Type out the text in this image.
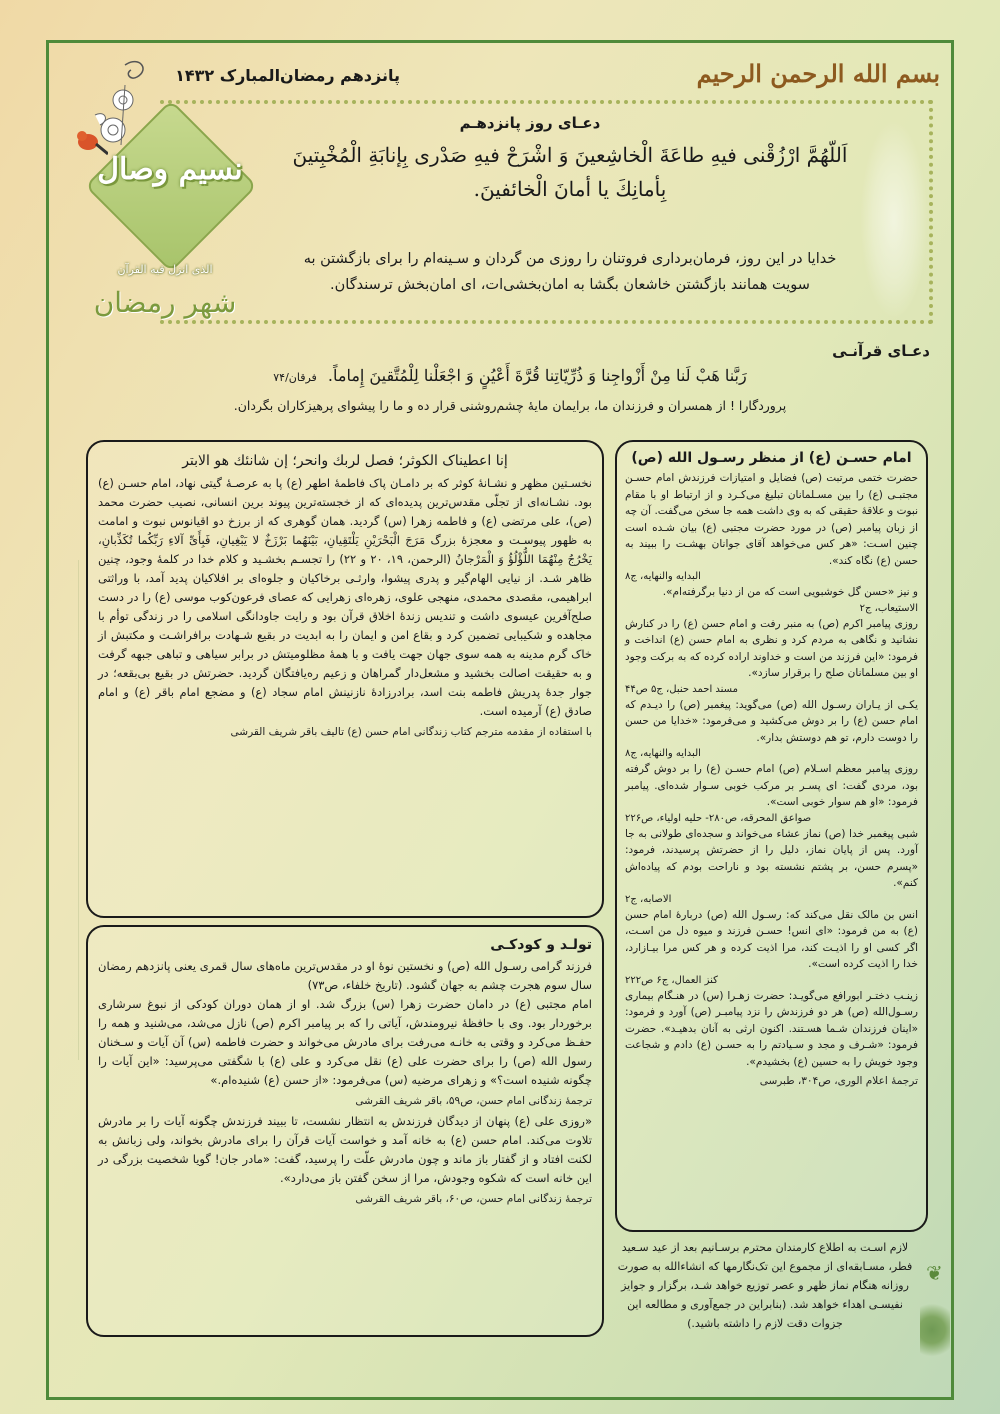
پانزدهم رمضان‌المبارک ۱۴۳۲
نسیم وصال
الذی انزل فیه القرآن
شهر رمضان
بسم الله الرحمن الرحیم
دعـای روز پانزدهـم
اَللّهُمَّ ارْزُقْنی فیهِ طاعَةَ الْخاشِعینَ وَ اشْرَحْ فیهِ صَدْری بِإنابَةِ الْمُخْبِتینَ بِأمانِكَ یا أمانَ الْخائفینَ.
خدایا در این روز، فرمان‌برداری فروتنان را روزی من گردان و سـینه‌ام را برای بازگشتن به سویت همانند بازگشتن خاشعان بگشا به امان‌بخشی‌ات، ای امان‌بخش ترسندگان.
دعـای قرآنـی
رَبَّنا هَبْ لَنا مِنْ أَزْواجِنا وَ ذُرِّیّاتِنا قُرَّةَ أَعْیُنٍ وَ اجْعَلْنا لِلْمُتَّقینَ إِماماً. فرقان/۷۴
پروردگارا ! از همسران و فرزندان ما، برایمان مایهٔ چشم‌روشنی قرار ده و ما را پیشوای پرهیزکاران بگردان.
إنا اعطیناک الکوثر؛ فصل لربك وانحر؛ إن شانئك هو الابتر

نخسـتین مظهر و نشـانهٔ کوثر که بر دامـان پاک فاطمهٔ اطهر (ع) پا به عرصـهٔ گیتی نهاد، امام حسـن (ع) بود. نشـانه‌ای از تجلّی مقدس‌ترین پدیده‌ای که از خجسته‌ترین پیوند برین انسانی، نصیب حضرت محمد (ص)، علی مرتضی (ع) و فاطمه زهرا (س) گردید. همان گوهری که از برزخ دو اقیانوس نبوت و امامت به ظهور پیوسـت و معجزهٔ بزرگ مَرَجَ الْبَحْرَیْنِ یَلْتَقِیانِ، بَیْنَهُما بَرْزَخٌ لا یَبْغِیانِ، فَبِأَیِّ آلاءِ رَبِّکُما تُکَذِّبانِ، یَخْرُجُ مِنْهُمَا اللُّؤْلُؤُ وَ الْمَرْجانُ (الرحمن، ۱۹، ۲۰ و ۲۲) را تجسـم بخشـید و کلام خدا در کلمهٔ وجود، چنین ظاهر شـد. از نیایی الهام‌گیر و پدری پیشوا، وارثـی برخاکیان و جلوه‌ای بر افلاکیان پدید آمد، با وراثتی ابراهیمی، مقصدی محمدی، منهجی علوی، زهره‌ای زهرایی که عصای فرعون‌کوب موسی (ع) را در دست صلح‌آفرین عیسوی داشت و تندیس زندهٔ اخلاق قرآن بود و رایت جاودانگی اسلامی را در زندگی توأم با مجاهده و شکیبایی تضمین کرد و بقاع امن و ایمان را به ابدیت در بقیع شـهادت برافراشـت و مکتبش از خاک گرم مدینه به همه سوی جهان جهت یافت و با همهٔ مظلومیتش در برابر سیاهی و تباهی جبهه گرفت و به حقیقت اصالت بخشید و مشعل‌دار گمراهان و زعیم ره‌یافتگان گردید. حضرتش در بقیع بی‌بقعه؛ در جوار جدهٔ پدریش فاطمه بنت اسد، برادرزادهٔ نازنینش امام سجاد (ع) و مضجع امام باقر (ع) و امام صادق (ع) آرمیده است.

با استفاده از مقدمه مترجم کتاب زندگانی امام حسن (ع) تالیف باقر شریف القرشی
تولـد و کودکـی

فرزند گرامی رسـول الله (ص) و نخستین نوهٔ او در مقدس‌ترین ماه‌های سال قمری یعنی پانزدهم رمضان سال سوم هجرت چشم به جهان گشود. (تاریخ خلفاء، ص۷۳)

امام مجتبی (ع) در دامان حضرت زهرا (س) بزرگ شد. او از همان دوران کودکی از نبوغ سرشاری برخوردار بود. وی با حافظهٔ نیرومندش، آیاتی را که بر پیامبر اکرم (ص) نازل می‌شد، می‌شنید و همه را حفـظ می‌کرد و وقتی به خانـه می‌رفت برای مادرش می‌خواند و حضرت فاطمه (س) آن آیات و سـخنان رسول الله (ص) را برای حضرت علی (ع) نقل می‌کرد و علی (ع) با شگفتی می‌پرسید: «این آیات را چگونه شنیده است؟» و زهرای مرضیه (س) می‌فرمود: «از حسن (ع) شنیده‌ام.»

ترجمهٔ زندگانی امام حسن، ص۵۹، باقر شریف القرشی

«روزی علی (ع) پنهان از دیدگان فرزندش به انتظار نشست، تا ببیند فرزندش چگونه آیات را بر مادرش تلاوت می‌کند. امام حسن (ع) به خانه آمد و خواست آیات قرآن را برای مادرش بخواند، ولی زبانش به لکنت افتاد و از گفتار باز ماند و چون مادرش علّت را پرسید، گفت: «مادر جان! گویا شخصیت بزرگی در این خانه است که شکوه وجودش، مرا از سخن گفتن باز می‌دارد».

ترجمهٔ زندگانی امام حسن، ص۶۰، باقر شریف القرشی
امام حسـن (ع) از منظر رسـول الله (ص)

حضرت ختمی مرتبت (ص) فضایل و امتیازات فرزندش امام حسـن مجتبـی (ع) را بین مسـلمانان تبلیغ می‌کـرد و از ارتباط او با مقام نبوت و علاقهٔ حقیقی که به وی داشت همه جا سخن می‌گفت. آن چه از زبان پیامبر (ص) در مورد حضرت مجتبی (ع) بیان شـده است چنین اسـت: «هر کس می‌خواهد آقای جوانان بهشـت را ببیند به حسن (ع) نگاه کند».

البدایه والنهایه، ج۸

و نیز «حسن گل خوشبویی است که من از دنیا برگرفته‌ام».

الاستیعاب، ج۲

روزی پیامبر اکرم (ص) به منبر رفت و امام حسن (ع) را در کنارش نشانید و نگاهی به مردم کرد و نظری به امام حسن (ع) انداخت و فرمود: «این فرزند من است و خداوند اراده کرده که به برکت وجود او بین مسلمانان صلح را برقرار سازد».

مسند احمد حنبل، ج۵ ص۴۴

یکـی از یـاران رسـول الله (ص) می‌گوید: پیغمبر (ص) را دیـدم که امام حسن (ع) را بر دوش می‌کشید و می‌فرمود: «خدایا من حسن را دوست دارم، تو هم دوستش بدار».

البدایه والنهایه، ج۸

روزی پیامبر معظم اسـلام (ص) امام حسـن (ع) را بر دوش گرفته بود، مردی گفت: ای پسـر بر مرکب خوبی سـوار شده‌ای. پیامبر فرمود: «او هم سوار خوبی است».

صواعق المحرقه، ص۲۸۰- حلیه اولیاء، ص۲۲۶

شبی پیغمبر خدا (ص) نماز عشاء می‌خواند و سجده‌ای طولانی به جا آورد. پس از پایان نماز، دلیل را از حضرتش پرسیدند، فرمود: «پسرم حسن، بر پشتم نشسته بود و ناراحت بودم که پیاده‌اش کنم».

الاصابه، ج۲

انس بن مالک نقل می‌کند که: رسـول الله (ص) دربارهٔ امام حسن (ع) به من فرمود: «ای انس! حسـن فرزند و میوه دل من اسـت، اگر کسی او را اذیـت کند، مرا اذیت کرده و هر کس مرا بیـازارد، خدا را اذیت کرده است».

کنز العمال، ج۶ ص۲۲۲

زینـب دختـر ابورافع می‌گویـد: حضرت زهـرا (س) در هنـگام بیماری رسـول‌الله (ص) هر دو فرزندش را نزد پیامبـر (ص) آورد و فرمود: «اینان فرزندان شـما هسـتند. اکنون ارثی به آنان بدهیـد». حضرت فرمود: «شـرف و مجد و سـیادتم را به حسـن (ع) دادم و شجاعت وجود خویش را به حسین (ع) بخشیدم».

ترجمهٔ اعلام الوری، ص۳۰۴، طبرسی
لازم اسـت به اطلاع کارمندان محترم برسـانیم بعد از عید سـعید فطر، مسـابقه‌ای از مجموع این تک‌نگارمها که انشاءالله به صورت روزانه هنگام نماز ظهر و عصر توزیع خواهد شـد، برگزار و جوایز نفیسـی اهداء خواهد شد. (بنابراین در جمع‌آوری و مطالعه این جزوات دقت لازم را داشته باشید.)
❦
